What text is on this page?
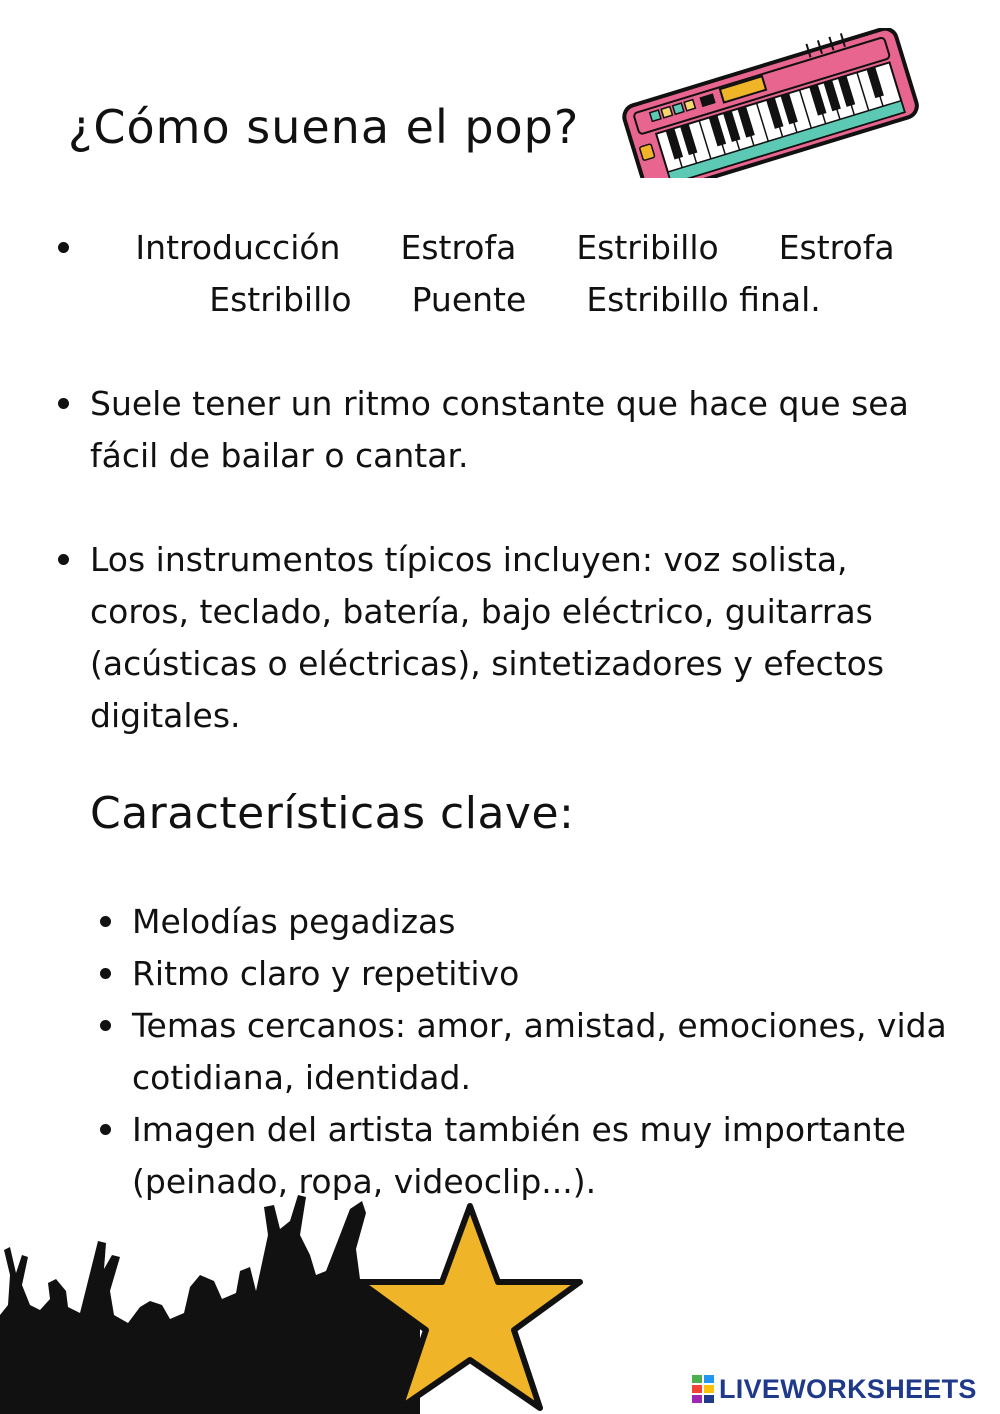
¿Cómo suena el pop?
Introducción Estrofa Estribillo Estrofa
Estribillo Puente Estribillo final.
Suele tener un ritmo constante que hace que sea fácil de bailar o cantar.
Los instrumentos típicos incluyen: voz solista, coros, teclado, batería, bajo eléctrico, guitarras (acústicas o eléctricas), sintetizadores y efectos digitales.
Características clave:
Melodías pegadizas
Ritmo claro y repetitivo
Temas cercanos: amor, amistad, emociones, vida cotidiana, identidad.
Imagen del artista también es muy importante (peinado, ropa, videoclip...).
LIVEWORKSHEETS
